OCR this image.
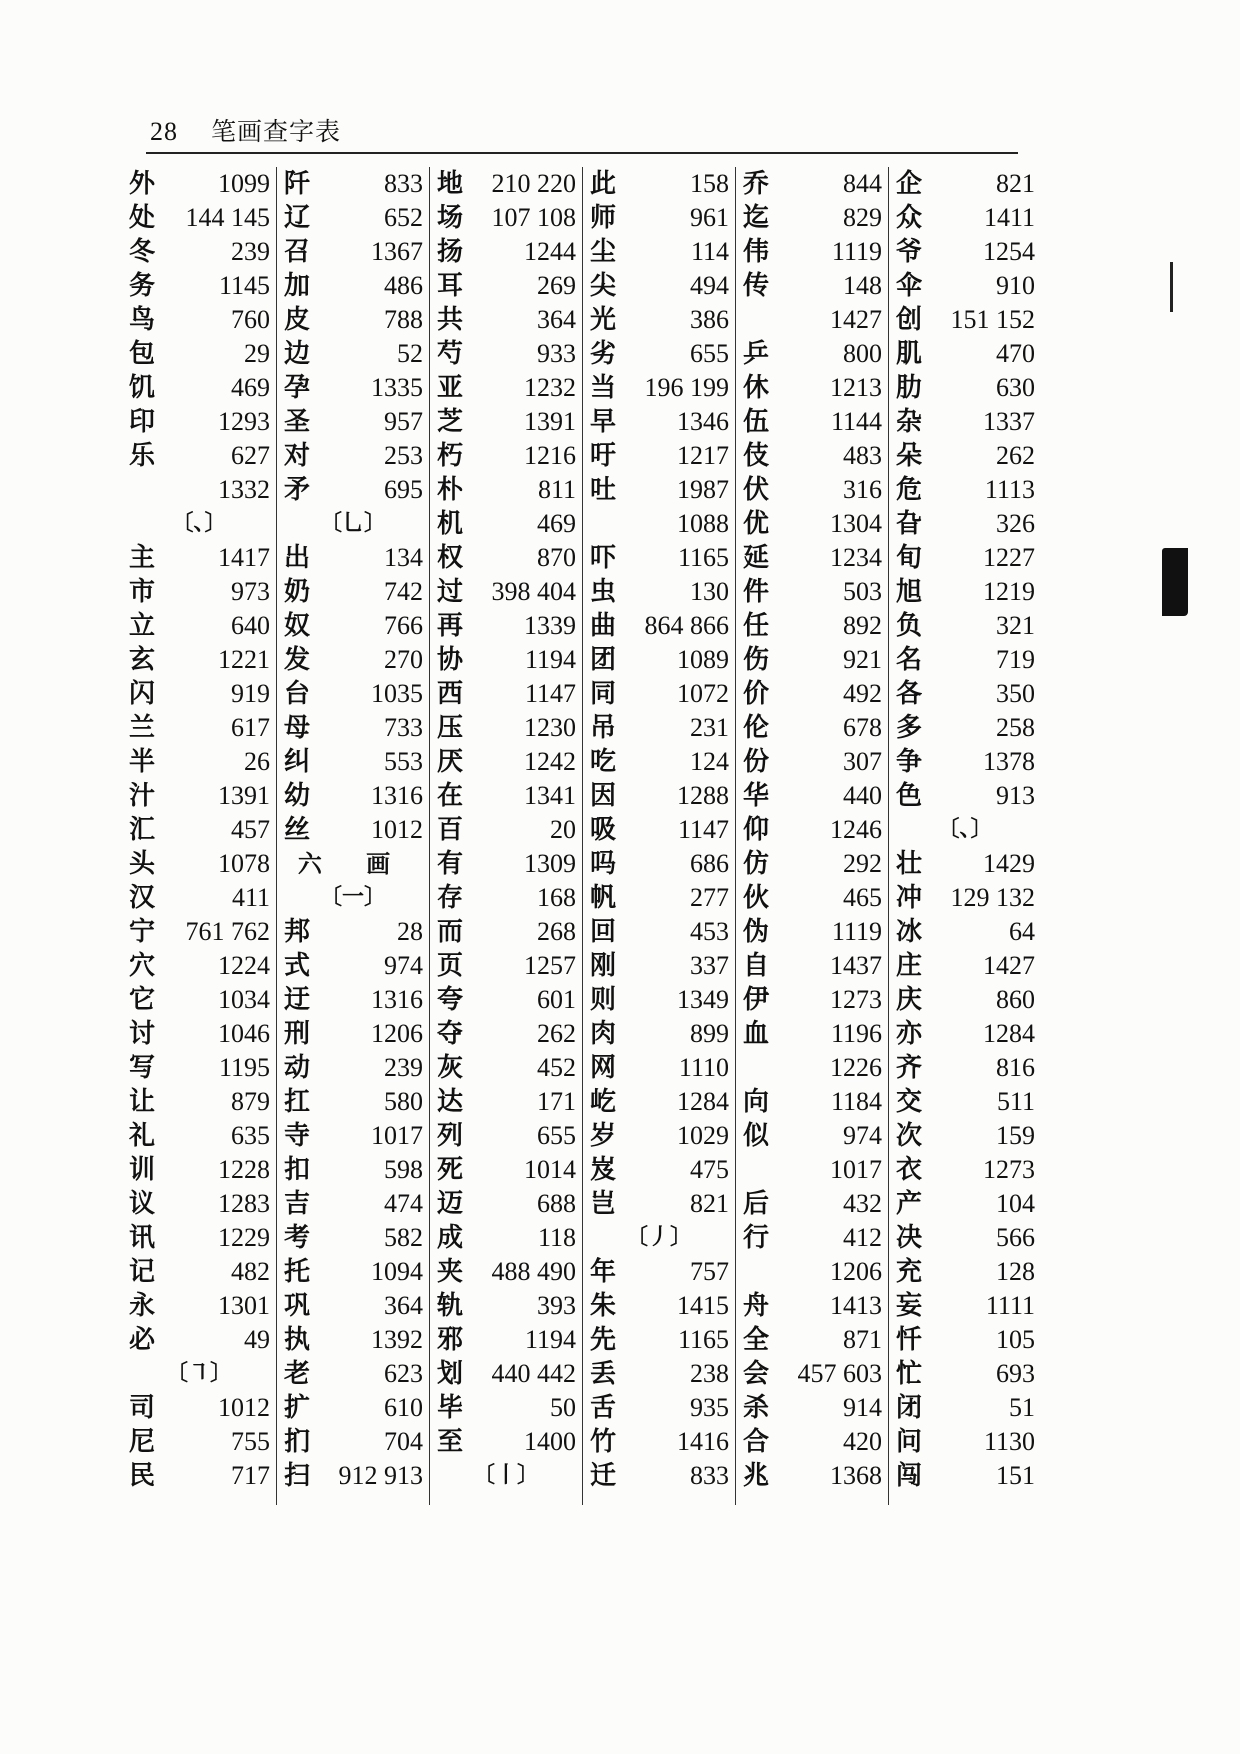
28 笔画查字表
外	1099
处	144 145
冬	239
务	1145
鸟	760
包	29
饥	469
印	1293
乐	627
1332
〔、〕
主	1417
市	973
立	640
玄	1221
闪	919
兰	617
半	26
汁	1391
汇	457
头	1078
汉	411
宁	761 762
穴	1224
它	1034
讨	1046
写	1195
让	879
礼	635
训	1228
议	1283
讯	1229
记	482
永	1301
必	49
〔㇕〕
司	1012
尼	755
民	717
阡	833
辽	652
召	1367
加	486
皮	788
边	52
孕	1335
圣	957
对	253
矛	695
〔乚〕
出	134
奶	742
奴	766
发	270
台	1035
母	733
纠	553
幼	1316
丝	1012
六 画
〔一〕
邦	28
式	974
迂	1316
刑	1206
动	239
扛	580
寺	1017
扣	598
吉	474
考	582
托	1094
巩	364
执	1392
老	623
扩	610
扪	704
扫	912 913
地	210 220
场	107 108
扬	1244
耳	269
共	364
芍	933
亚	1232
芝	1391
朽	1216
朴	811
机	469
权	870
过	398 404
再	1339
协	1194
西	1147
压	1230
厌	1242
在	1341
百	20
有	1309
存	168
而	268
页	1257
夸	601
夺	262
灰	452
达	171
列	655
死	1014
迈	688
成	118
夹	488 490
轨	393
邪	1194
划	440 442
毕	50
至	1400
〔丨〕
此	158
师	961
尘	114
尖	494
光	386
劣	655
当	196 199
早	1346
吁	1217
吐	1987
1088
吓	1165
虫	130
曲	864 866
团	1089
同	1072
吊	231
吃	124
因	1288
吸	1147
吗	686
帆	277
回	453
刚	337
则	1349
肉	899
网	1110
屹	1284
岁	1029
岌	475
岂	821
〔丿〕
年	757
朱	1415
先	1165
丢	238
舌	935
竹	1416
迁	833
乔	844
迄	829
伟	1119
传	148
1427
乒	800
休	1213
伍	1144
伎	483
伏	316
优	1304
延	1234
件	503
任	892
伤	921
价	492
伦	678
份	307
华	440
仰	1246
仿	292
伙	465
伪	1119
自	1437
伊	1273
血	1196
1226
向	1184
似	974
1017
后	432
行	412
1206
舟	1413
全	871
会	457 603
杀	914
合	420
兆	1368
企	821
众	1411
爷	1254
伞	910
创	151 152
肌	470
肋	630
杂	1337
朵	262
危	1113
旮	326
旬	1227
旭	1219
负	321
名	719
各	350
多	258
争	1378
色	913
〔、〕
壮	1429
冲	129 132
冰	64
庄	1427
庆	860
亦	1284
齐	816
交	511
次	159
衣	1273
产	104
决	566
充	128
妄	1111
忏	105
忙	693
闭	51
问	1130
闯	151
